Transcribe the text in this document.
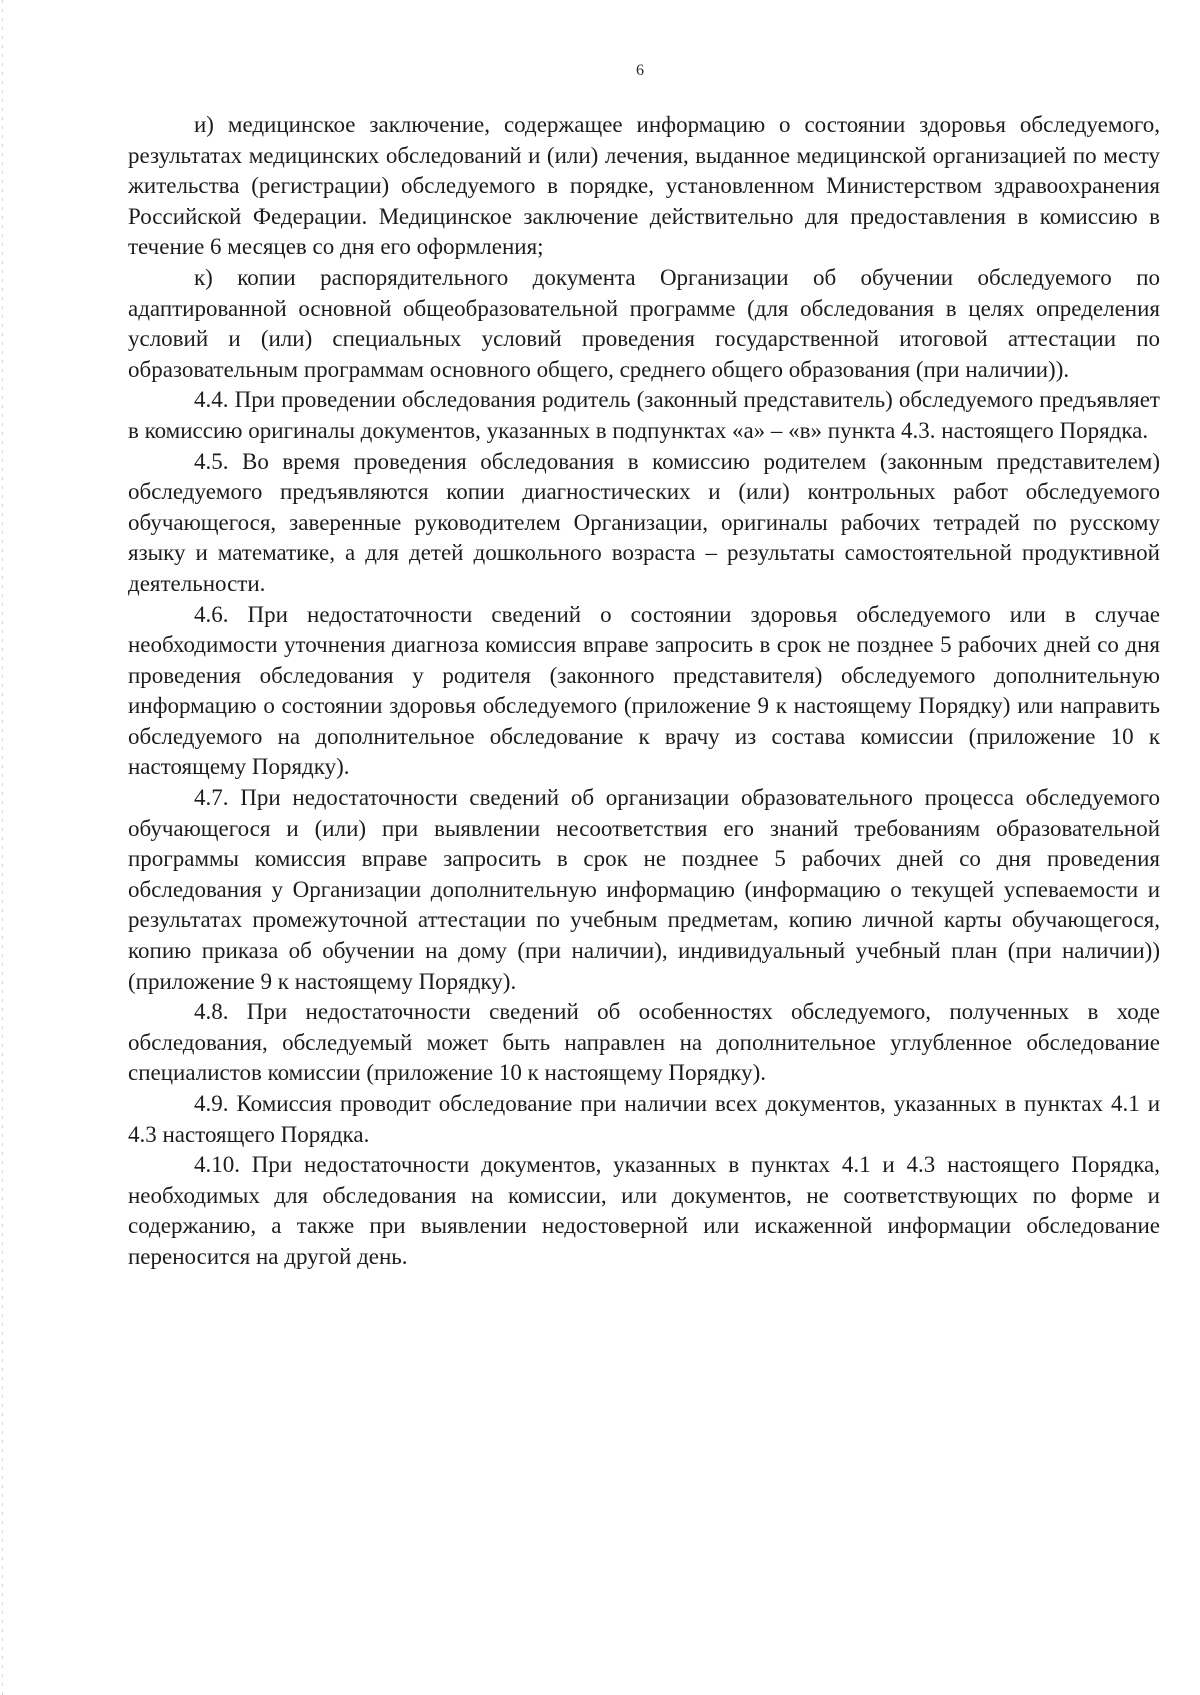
6

и) медицинское заключение, содержащее информацию о состоянии здоровья обследуемого, результатах медицинских обследований и (или) лечения, выданное медицинской организацией по месту жительства (регистрации) обследуемого в порядке, установленном Министерством здравоохранения Российской Федерации. Медицинское заключение действительно для предоставления в комиссию в течение 6 месяцев со дня его оформления;

к) копии распорядительного документа Организации об обучении обследуемого по адаптированной основной общеобразовательной программе (для обследования в целях определения условий и (или) специальных условий проведения государственной итоговой аттестации по образовательным программам основного общего, среднего общего образования (при наличии)).

4.4. При проведении обследования родитель (законный представитель) обследуемого предъявляет в комиссию оригиналы документов, указанных в подпунктах «а» – «в» пункта 4.3. настоящего Порядка.

4.5. Во время проведения обследования в комиссию родителем (законным представителем) обследуемого предъявляются копии диагностических и (или) контрольных работ обследуемого обучающегося, заверенные руководителем Организации, оригиналы рабочих тетрадей по русскому языку и математике, а для детей дошкольного возраста – результаты самостоятельной продуктивной деятельности.

4.6. При недостаточности сведений о состоянии здоровья обследуемого или в случае необходимости уточнения диагноза комиссия вправе запросить в срок не позднее 5 рабочих дней со дня проведения обследования у родителя (законного представителя) обследуемого дополнительную информацию о состоянии здоровья обследуемого (приложение 9 к настоящему Порядку) или направить обследуемого на дополнительное обследование к врачу из состава комиссии (приложение 10 к настоящему Порядку).

4.7. При недостаточности сведений об организации образовательного процесса обследуемого обучающегося и (или) при выявлении несоответствия его знаний требованиям образовательной программы комиссия вправе запросить в срок не позднее 5 рабочих дней со дня проведения обследования у Организации дополнительную информацию (информацию о текущей успеваемости и результатах промежуточной аттестации по учебным предметам, копию личной карты обучающегося, копию приказа об обучении на дому (при наличии), индивидуальный учебный план (при наличии)) (приложение 9 к настоящему Порядку).

4.8. При недостаточности сведений об особенностях обследуемого, полученных в ходе обследования, обследуемый может быть направлен на дополнительное углубленное обследование специалистов комиссии (приложение 10 к настоящему Порядку).

4.9. Комиссия проводит обследование при наличии всех документов, указанных в пунктах 4.1 и 4.3 настоящего Порядка.

4.10. При недостаточности документов, указанных в пунктах 4.1 и 4.3 настоящего Порядка, необходимых для обследования на комиссии, или документов, не соответствующих по форме и содержанию, а также при выявлении недостоверной или искаженной информации обследование переносится на другой день.
